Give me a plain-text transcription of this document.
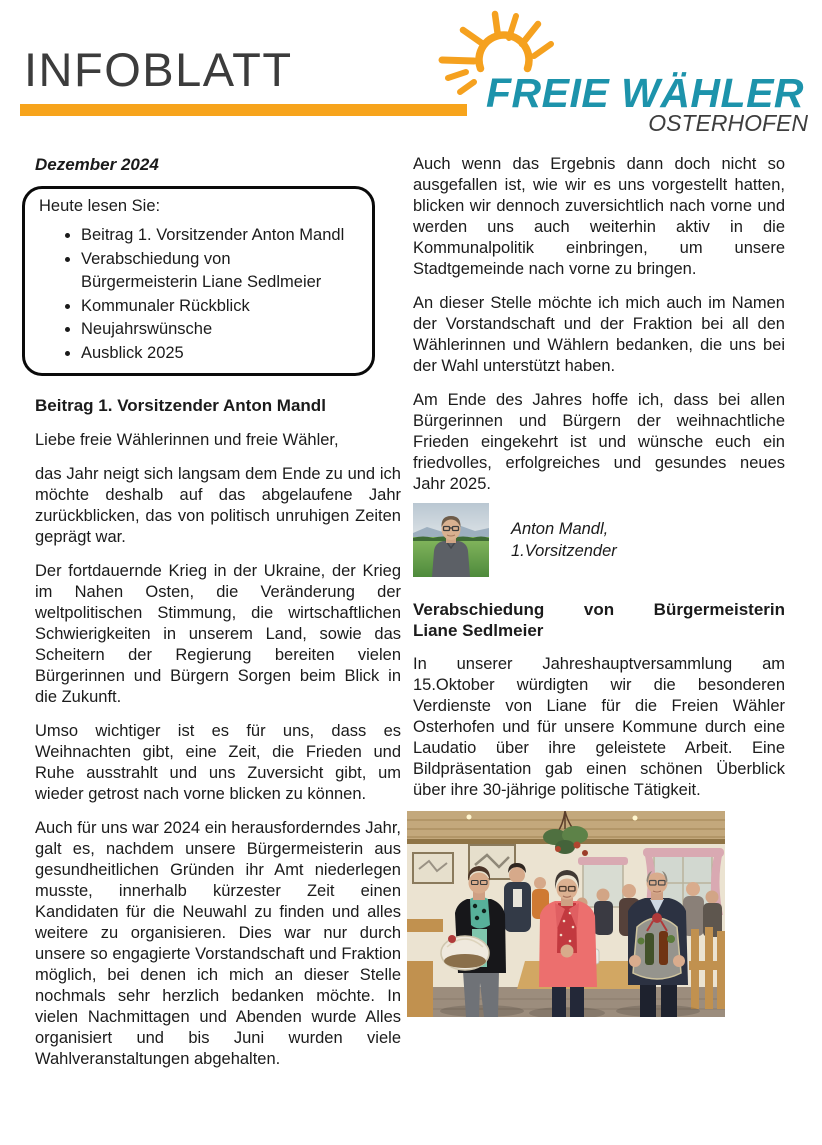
INFOBLATT	FREIE WÄHLER
OSTERHOFEN
Dezember 2024
Heute lesen Sie:
• Beitrag 1. Vorsitzender Anton Mandl
• Verabschiedung von Bürgermeisterin Liane Sedlmeier
• Kommunaler Rückblick
• Neujahrswünsche
• Ausblick 2025
Beitrag 1. Vorsitzender Anton Mandl

Liebe freie Wählerinnen und freie Wähler,

das Jahr neigt sich langsam dem Ende zu und ich möchte deshalb auf das abgelaufene Jahr zurückblicken, das von politisch unruhigen Zeiten geprägt war.

Der fortdauernde Krieg in der Ukraine, der Krieg im Nahen Osten, die Veränderung der weltpolitischen Stimmung, die wirtschaftlichen Schwierigkeiten in unserem Land, sowie das Scheitern der Regierung bereiten vielen Bürgerinnen und Bürgern Sorgen beim Blick in die Zukunft.

Umso wichtiger ist es für uns, dass es Weihnachten gibt, eine Zeit, die Frieden und Ruhe ausstrahlt und uns Zuversicht gibt, um wieder getrost nach vorne blicken zu können.

Auch für uns war 2024 ein herausforderndes Jahr, galt es, nachdem unsere Bürgermeisterin aus gesundheitlichen Gründen ihr Amt niederlegen musste, innerhalb kürzester Zeit einen Kandidaten für die Neuwahl zu finden und alles weitere zu organisieren. Dies war nur durch unsere so engagierte Vorstandschaft und Fraktion möglich, bei denen ich mich an dieser Stelle nochmals sehr herzlich bedanken möchte. In vielen Nachmittagen und Abenden wurde Alles organisiert und bis Juni wurden viele Wahlveranstaltungen abgehalten.

Auch wenn das Ergebnis dann doch nicht so ausgefallen ist, wie wir es uns vorgestellt hatten, blicken wir dennoch zuversichtlich nach vorne und werden uns auch weiterhin aktiv in die Kommunalpolitik einbringen, um unsere Stadtgemeinde nach vorne zu bringen.

An dieser Stelle möchte ich mich auch im Namen der Vorstandschaft und der Fraktion bei all den Wählerinnen und Wählern bedanken, die uns bei der Wahl unterstützt haben.

Am Ende des Jahres hoffe ich, dass bei allen Bürgerinnen und Bürgern der weihnachtliche Frieden eingekehrt ist und wünsche euch ein friedvolles, erfolgreiches und gesundes neues Jahr 2025.

Anton Mandl,
1.Vorsitzender
Verabschiedung von Bürgermeisterin
Liane Sedlmeier

In unserer Jahreshauptversammlung am 15.Oktober würdigten wir die besonderen Verdienste von Liane für die Freien Wähler Osterhofen und für unsere Kommune durch eine Laudatio über ihre geleistete Arbeit. Eine Bildpräsentation gab einen schönen Überblick über ihre 30-jährige politische Tätigkeit.
